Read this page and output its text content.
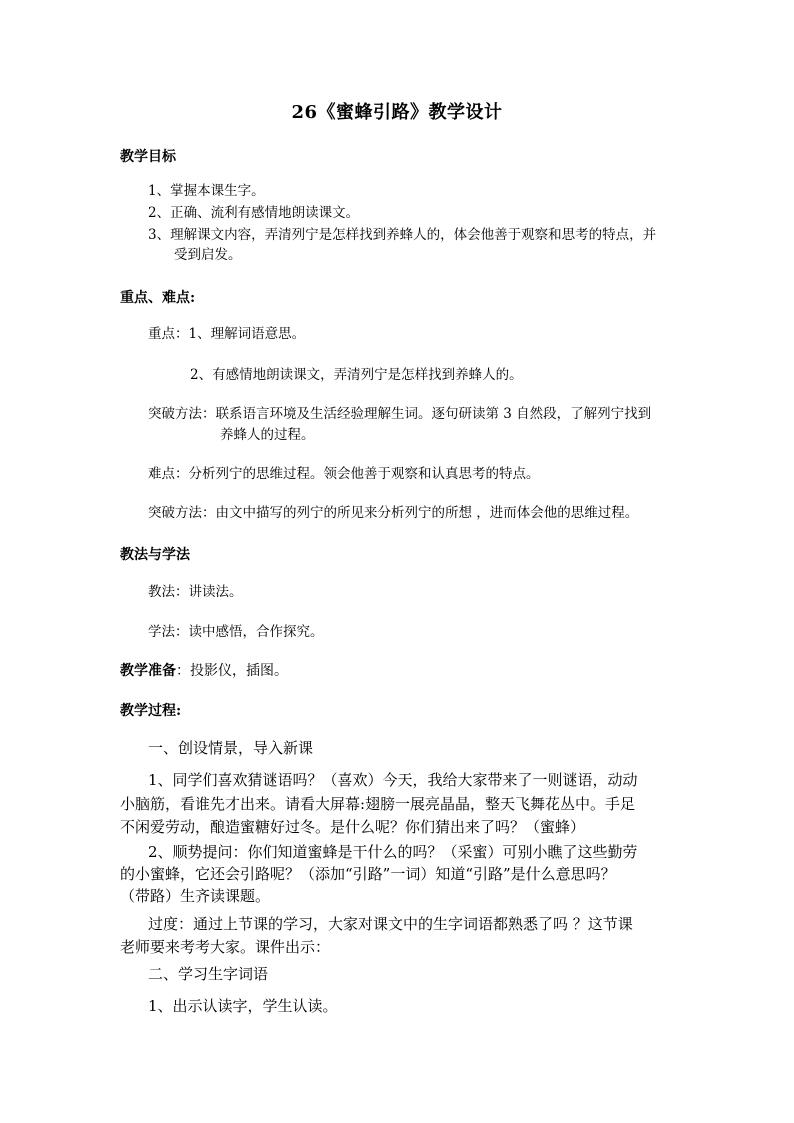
26《蜜蜂引路》教学设计
教学目标
1、掌握本课生字。
2、正确、流利有感情地朗读课文。
3、理解课文内容，弄清列宁是怎样找到养蜂人的，体会他善于观察和思考的特点，并
受到启发。
重点、难点:
重点：1、理解词语意思。
2、有感情地朗读课文，弄清列宁是怎样找到养蜂人的。
突破方法：联系语言环境及生活经验理解生词。逐句研读第 3 自然段，了解列宁找到
养蜂人的过程。
难点：分析列宁的思维过程。领会他善于观察和认真思考的特点。
突破方法：由文中描写的列宁的所见来分析列宁的所想 ，进而体会他的思维过程。
教法与学法
教法：讲读法。
学法：读中感悟，合作探究。
教学准备：投影仪，插图。
教学过程:
一、创设情景，导入新课
1、同学们喜欢猜谜语吗？（喜欢）今天，我给大家带来了一则谜语，动动
小脑筋，看谁先才出来。请看大屏幕:翅膀一展亮晶晶，整天飞舞花丛中。手足
不闲爱劳动，酿造蜜糖好过冬。是什么呢？你们猜出来了吗？（蜜蜂）
2、顺势提问：你们知道蜜蜂是干什么的吗？（采蜜）可别小瞧了这些勤劳
的小蜜蜂，它还会引路呢？（添加“引路”一词）知道“引路”是什么意思吗？
（带路）生齐读课题。
过度：通过上节课的学习，大家对课文中的生字词语都熟悉了吗 ？这节课
老师要来考考大家。课件出示：
二、学习生字词语
1、出示认读字，学生认读。
